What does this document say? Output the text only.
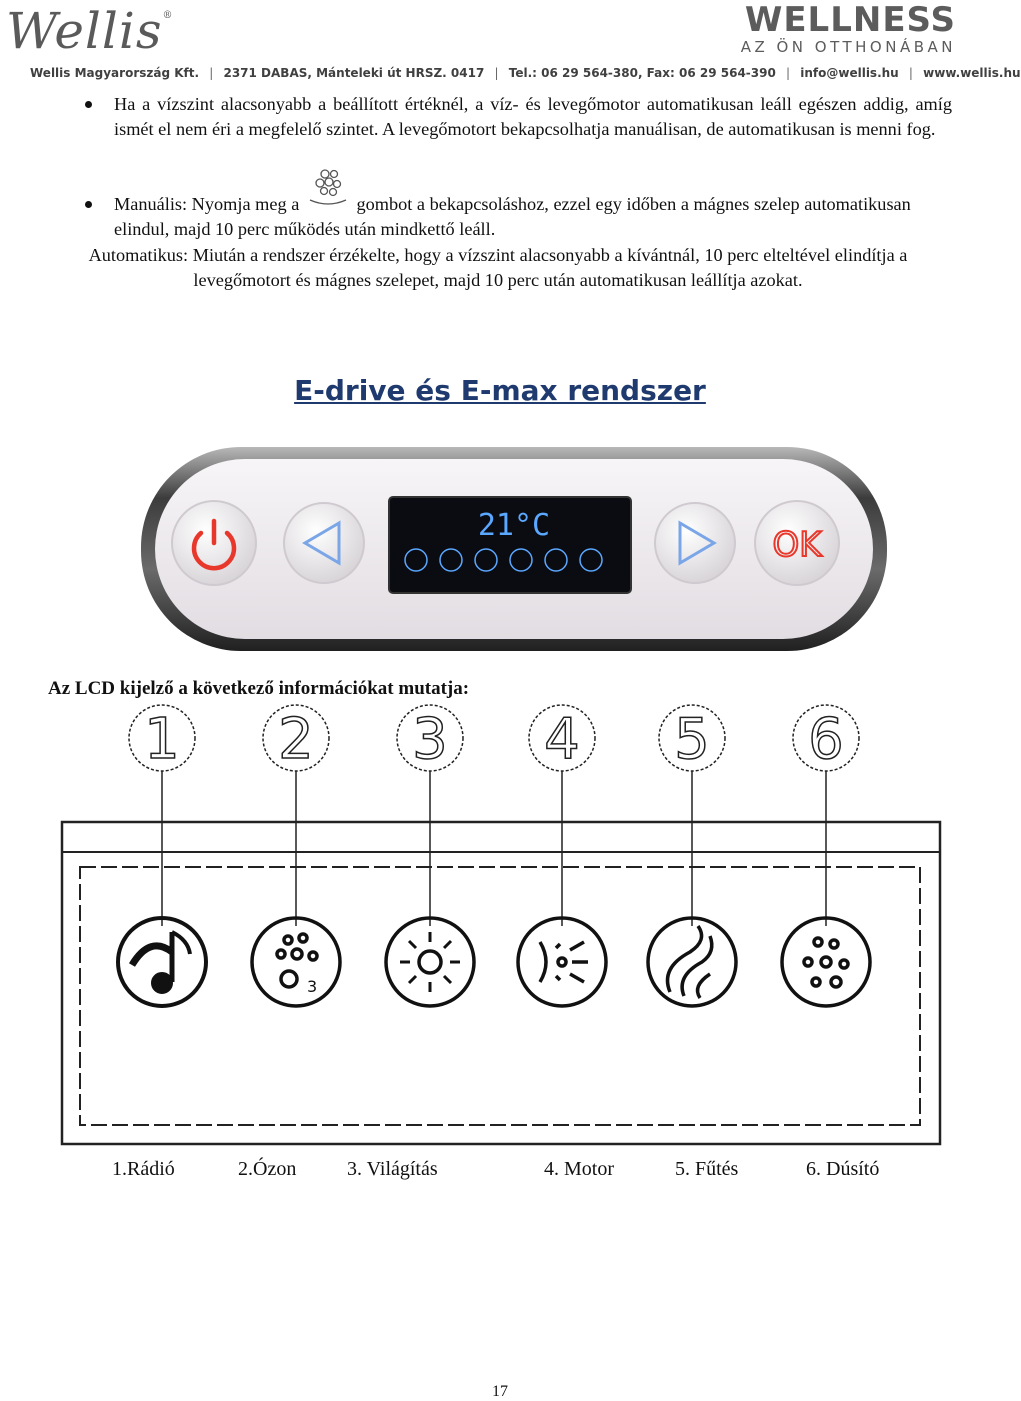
Wellis®	WELLNESS
AZ ÖN OTTHONÁBAN
Wellis Magyarország Kft. | 2371 DABAS, Mánteleki út HRSZ. 0417 | Tel.: 06 29 564-380, Fax: 06 29 564-390 | info@wellis.hu | www.wellis.hu
Ha a vízszint alacsonyabb a beállított értéknél, a víz- és levegőmotor automatikusan leáll egészen addig, amíg ismét el nem éri a megfelelő szintet. A levegőmotort bekapcsolhatja manuálisan, de automatikusan is menni fog.
Manuális: Nyomja meg a	gombot a bekapcsoláshoz, ezzel egy időben a mágnes szelep automatikusan elindul, majd 10 perc működés után mindkettő leáll.
Automatikus: Miután a rendszer érzékelte, hogy a vízszint alacsonyabb a kívántnál, 10 perc elteltével elindítja a levegőmotort és mágnes szelepet, majd 10 perc után automatikusan leállítja azokat.
E-drive és E-max rendszer
21°C	OK
Az LCD kijelző a következő információkat mutatja:
1 2 3 4 5 6
3
1.Rádió	2.Ózon	3. Világítás	4. Motor	5. Fűtés	6. Dúsító
17
